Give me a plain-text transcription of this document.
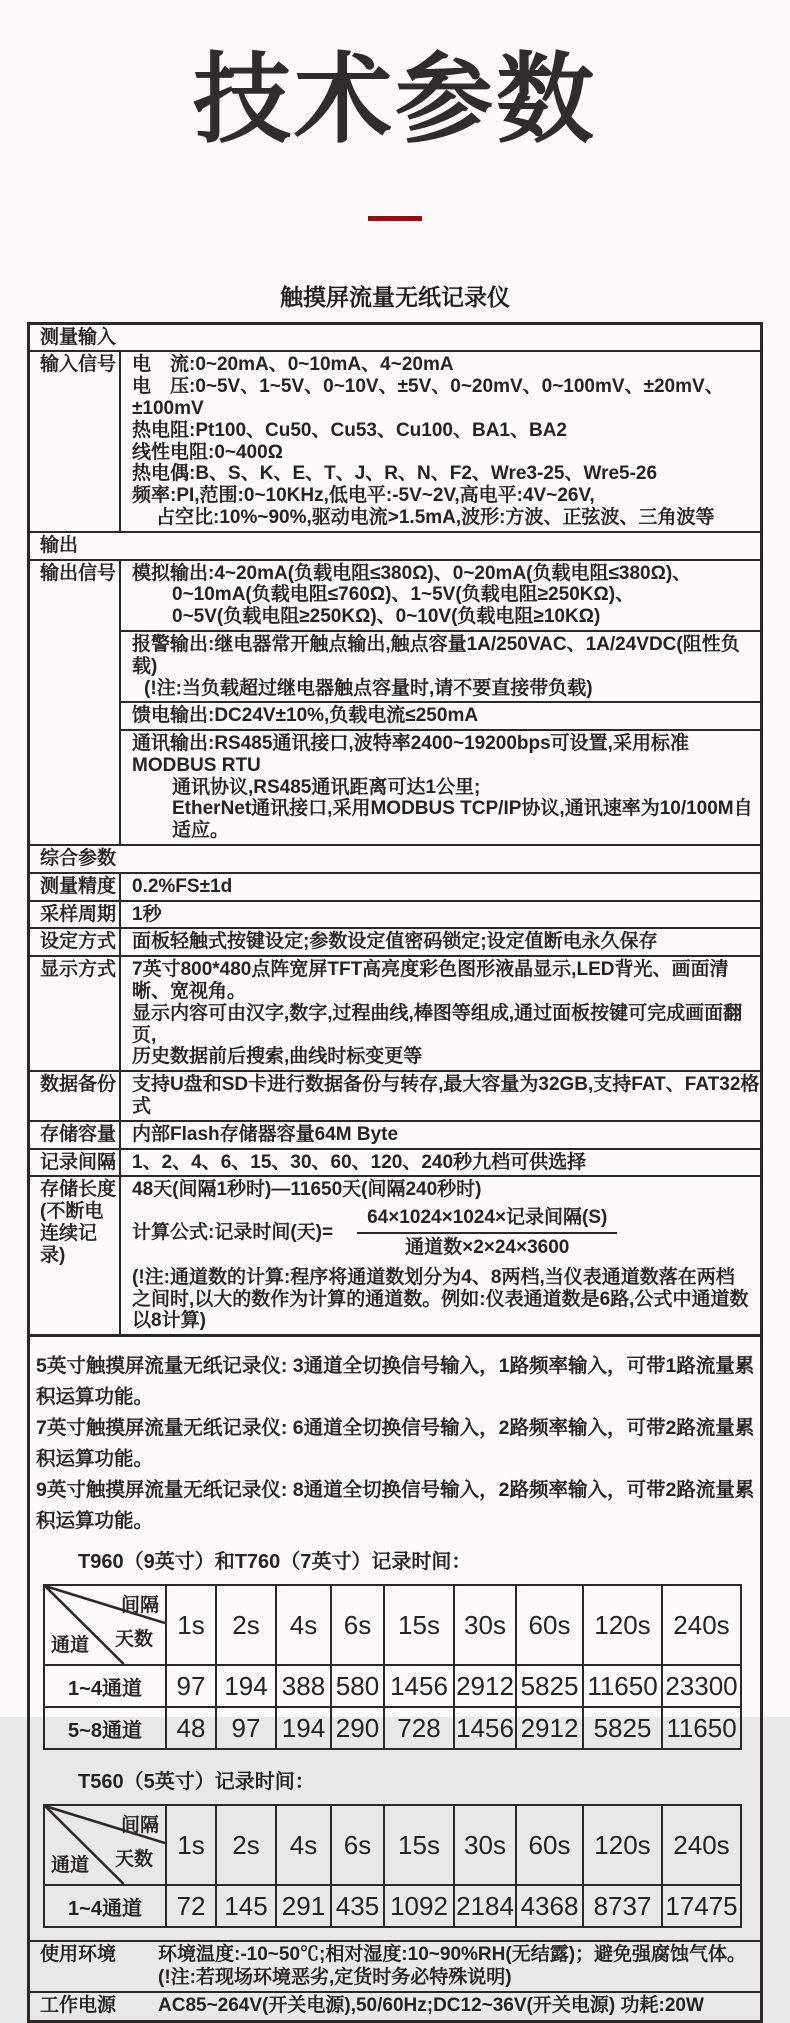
技术参数
触摸屏流量无纸记录仪
测量输入
输入信号 电　流:0~20mA、0~10mA、4~20mA
电　压:0~5V、1~5V、0~10V、±5V、0~20mV、0~100mV、±20mV、±100mV
热电阻:Pt100、Cu50、Cu53、Cu100、BA1、BA2
线性电阻:0~400Ω
热电偶:B、S、K、E、T、J、R、N、F2、Wre3-25、Wre5-26
频率:PI,范围:0~10KHz,低电平:-5V~2V,高电平:4V~26V,
占空比:10%~90%,驱动电流>1.5mA,波形:方波、正弦波、三角波等
输出
输出信号 模拟输出:4~20mA(负载电阻≤380Ω)、0~20mA(负载电阻≤380Ω)、
0~10mA(负载电阻≤760Ω)、1~5V(负载电阻≥250KΩ)、
0~5V(负载电阻≥250KΩ)、0~10V(负载电阻≥10KΩ)
报警输出:继电器常开触点输出,触点容量1A/250VAC、1A/24VDC(阻性负载)
(!注:当负载超过继电器触点容量时,请不要直接带负载)
馈电输出:DC24V±10%,负载电流≤250mA
通讯输出:RS485通讯接口,波特率2400~19200bps可设置,采用标准MODBUS RTU
通讯协议,RS485通讯距离可达1公里;
EtherNet通讯接口,采用MODBUS TCP/IP协议,通讯速率为10/100M自适应。
综合参数
测量精度 0.2%FS±1d
采样周期 1秒
设定方式 面板轻触式按键设定;参数设定值密码锁定;设定值断电永久保存
显示方式 7英寸800*480点阵宽屏TFT高亮度彩色图形液晶显示,LED背光、画面清晰、宽视角。
显示内容可由汉字,数字,过程曲线,棒图等组成,通过面板按键可完成画面翻页,
历史数据前后搜索,曲线时标变更等
数据备份 支持U盘和SD卡进行数据备份与转存,最大容量为32GB,支持FAT、FAT32格式
存储容量 内部Flash存储器容量64M Byte
记录间隔 1、2、4、6、15、30、60、120、240秒九档可供选择
存储长度
(不断电
连续记录)
48天(间隔1秒时)—11650天(间隔240秒时)
计算公式:记录时间(天)= $\frac{\text{64×1024×1024×记录间隔(S)}}{\text{通道数×2×24×3600}}$
(!注:通道数的计算:程序将通道数划分为4、8两档,当仪表通道数落在两档
之间时,以大的数作为计算的通道数。例如:仪表通道数是6路,公式中通道数
以8计算)
5英寸触摸屏流量无纸记录仪: 3通道全切换信号输入，1路频率输入，可带1路流量累积运算功能。
7英寸触摸屏流量无纸记录仪: 6通道全切换信号输入，2路频率输入，可带2路流量累积运算功能。
9英寸触摸屏流量无纸记录仪: 8通道全切换信号输入，2路频率输入，可带2路流量累积运算功能。
T960（9英寸）和T760（7英寸）记录时间：
间隔
天数
通道	1s	2s	4s	6s	15s	30s	60s	120s	240s
1~4通道	97	194	388	580	1456	2912	5825	11650	23300
5~8通道	48	97	194	290	728	1456	2912	5825	11650
T560（5英寸）记录时间：
间隔
天数
通道	1s	2s	4s	6s	15s	30s	60s	120s	240s
1~4通道	72	145	291	435	1092	2184	4368	8737	17475
使用环境	环境温度:-10~50℃;相对湿度:10~90%RH(无结露)；避免强腐蚀气体。
(!注:若现场环境恶劣,定货时务必特殊说明)
工作电源	AC85~264V(开关电源),50/60Hz;DC12~36V(开关电源) 功耗:20W
